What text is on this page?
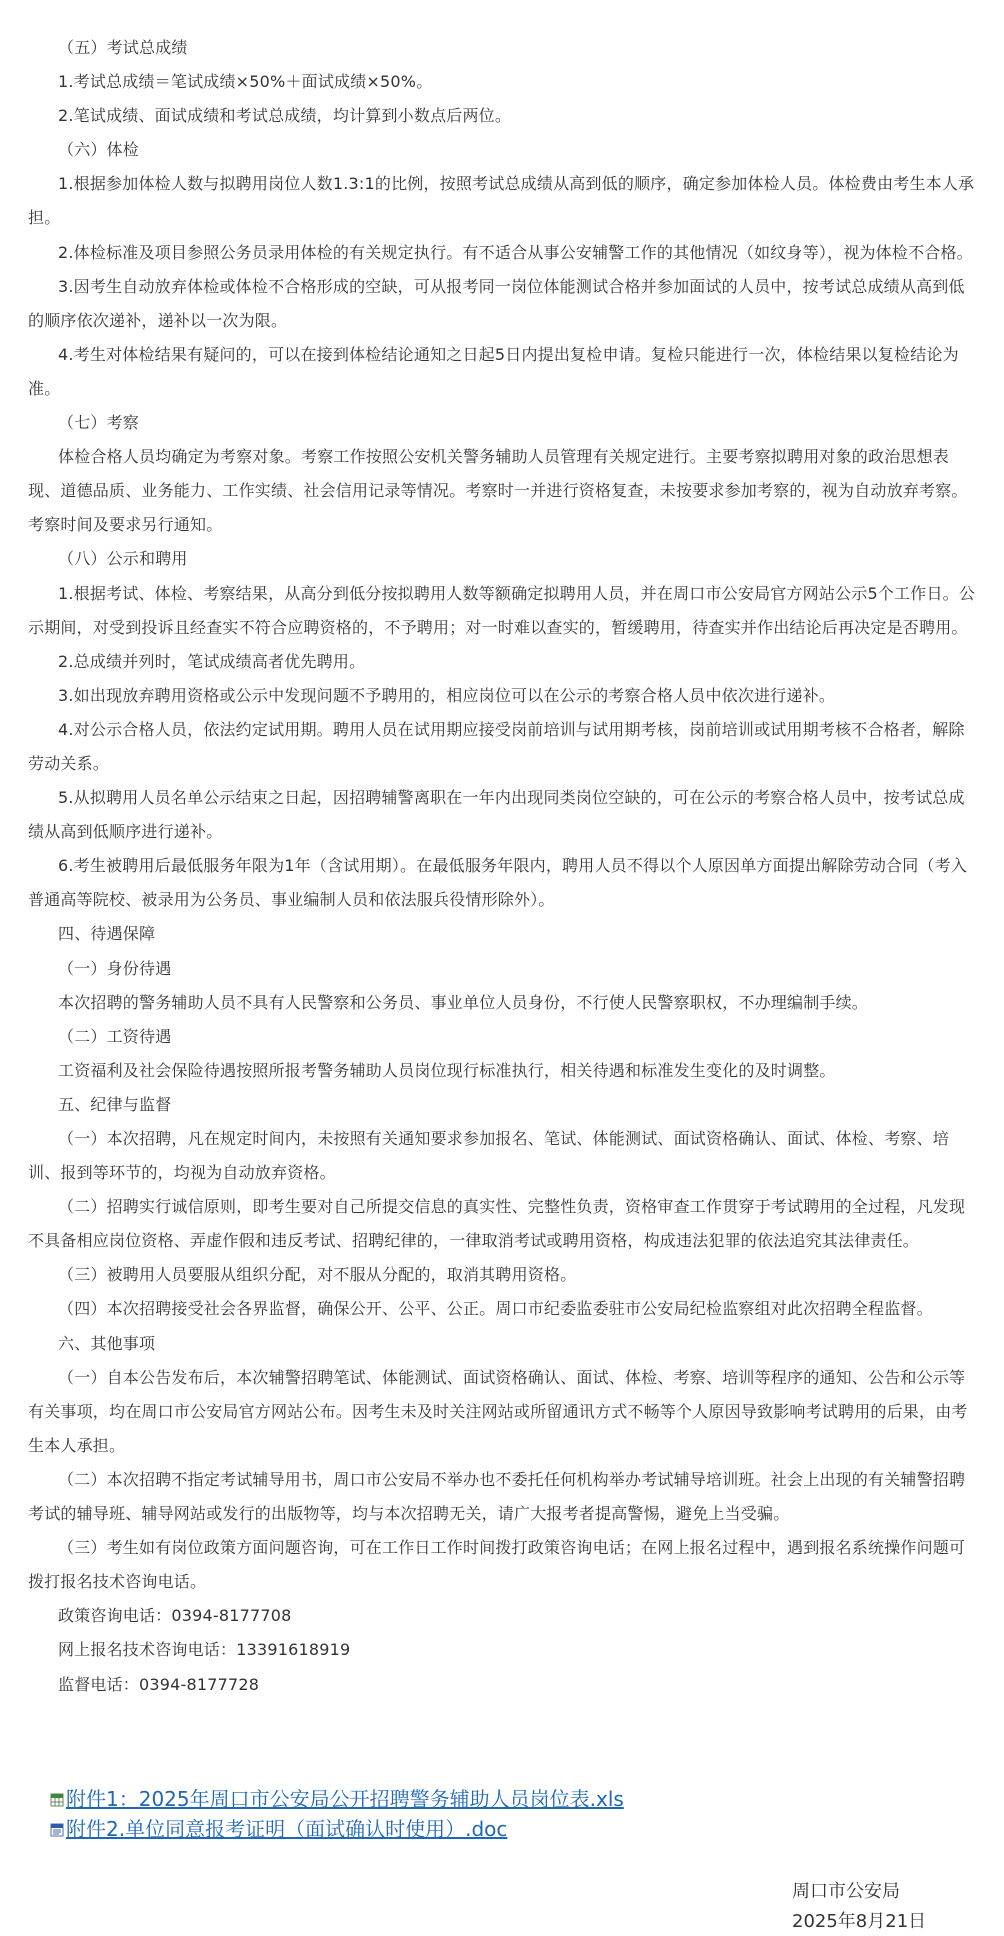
（五）考试总成绩

1.考试总成绩＝笔试成绩×50%＋面试成绩×50%。

2.笔试成绩、面试成绩和考试总成绩，均计算到小数点后两位。

（六）体检

1.根据参加体检人数与拟聘用岗位人数1.3:1的比例，按照考试总成绩从高到低的顺序，确定参加体检人员。体检费由考生本人承担。

2.体检标准及项目参照公务员录用体检的有关规定执行。有不适合从事公安辅警工作的其他情况（如纹身等），视为体检不合格。

3.因考生自动放弃体检或体检不合格形成的空缺，可从报考同一岗位体能测试合格并参加面试的人员中，按考试总成绩从高到低的顺序依次递补，递补以一次为限。

4.考生对体检结果有疑问的，可以在接到体检结论通知之日起5日内提出复检申请。复检只能进行一次，体检结果以复检结论为准。

（七）考察

体检合格人员均确定为考察对象。考察工作按照公安机关警务辅助人员管理有关规定进行。主要考察拟聘用对象的政治思想表现、道德品质、业务能力、工作实绩、社会信用记录等情况。考察时一并进行资格复查，未按要求参加考察的，视为自动放弃考察。考察时间及要求另行通知。

（八）公示和聘用

1.根据考试、体检、考察结果，从高分到低分按拟聘用人数等额确定拟聘用人员，并在周口市公安局官方网站公示5个工作日。公示期间，对受到投诉且经查实不符合应聘资格的，不予聘用；对一时难以查实的，暂缓聘用，待查实并作出结论后再决定是否聘用。

2.总成绩并列时，笔试成绩高者优先聘用。

3.如出现放弃聘用资格或公示中发现问题不予聘用的，相应岗位可以在公示的考察合格人员中依次进行递补。

4.对公示合格人员，依法约定试用期。聘用人员在试用期应接受岗前培训与试用期考核，岗前培训或试用期考核不合格者，解除劳动关系。

5.从拟聘用人员名单公示结束之日起，因招聘辅警离职在一年内出现同类岗位空缺的，可在公示的考察合格人员中，按考试总成绩从高到低顺序进行递补。

6.考生被聘用后最低服务年限为1年（含试用期）。在最低服务年限内，聘用人员不得以个人原因单方面提出解除劳动合同（考入普通高等院校、被录用为公务员、事业编制人员和依法服兵役情形除外）。

四、待遇保障

（一）身份待遇

本次招聘的警务辅助人员不具有人民警察和公务员、事业单位人员身份，不行使人民警察职权，不办理编制手续。

（二）工资待遇

工资福利及社会保险待遇按照所报考警务辅助人员岗位现行标准执行，相关待遇和标准发生变化的及时调整。

五、纪律与监督

（一）本次招聘，凡在规定时间内，未按照有关通知要求参加报名、笔试、体能测试、面试资格确认、面试、体检、考察、培训、报到等环节的，均视为自动放弃资格。

（二）招聘实行诚信原则，即考生要对自己所提交信息的真实性、完整性负责，资格审查工作贯穿于考试聘用的全过程，凡发现不具备相应岗位资格、弄虚作假和违反考试、招聘纪律的，一律取消考试或聘用资格，构成违法犯罪的依法追究其法律责任。

（三）被聘用人员要服从组织分配，对不服从分配的，取消其聘用资格。

（四）本次招聘接受社会各界监督，确保公开、公平、公正。周口市纪委监委驻市公安局纪检监察组对此次招聘全程监督。

六、其他事项

（一）自本公告发布后，本次辅警招聘笔试、体能测试、面试资格确认、面试、体检、考察、培训等程序的通知、公告和公示等有关事项，均在周口市公安局官方网站公布。因考生未及时关注网站或所留通讯方式不畅等个人原因导致影响考试聘用的后果，由考生本人承担。

（二）本次招聘不指定考试辅导用书，周口市公安局不举办也不委托任何机构举办考试辅导培训班。社会上出现的有关辅警招聘考试的辅导班、辅导网站或发行的出版物等，均与本次招聘无关，请广大报考者提高警惕，避免上当受骗。

（三）考生如有岗位政策方面问题咨询，可在工作日工作时间拨打政策咨询电话；在网上报名过程中，遇到报名系统操作问题可拨打报名技术咨询电话。

政策咨询电话：0394-8177708

网上报名技术咨询电话：13391618919

监督电话：0394-8177728

附件1：2025年周口市公安局公开招聘警务辅助人员岗位表.xls
附件2.单位同意报考证明（面试确认时使用）.doc
周口市公安局
2025年8月21日
